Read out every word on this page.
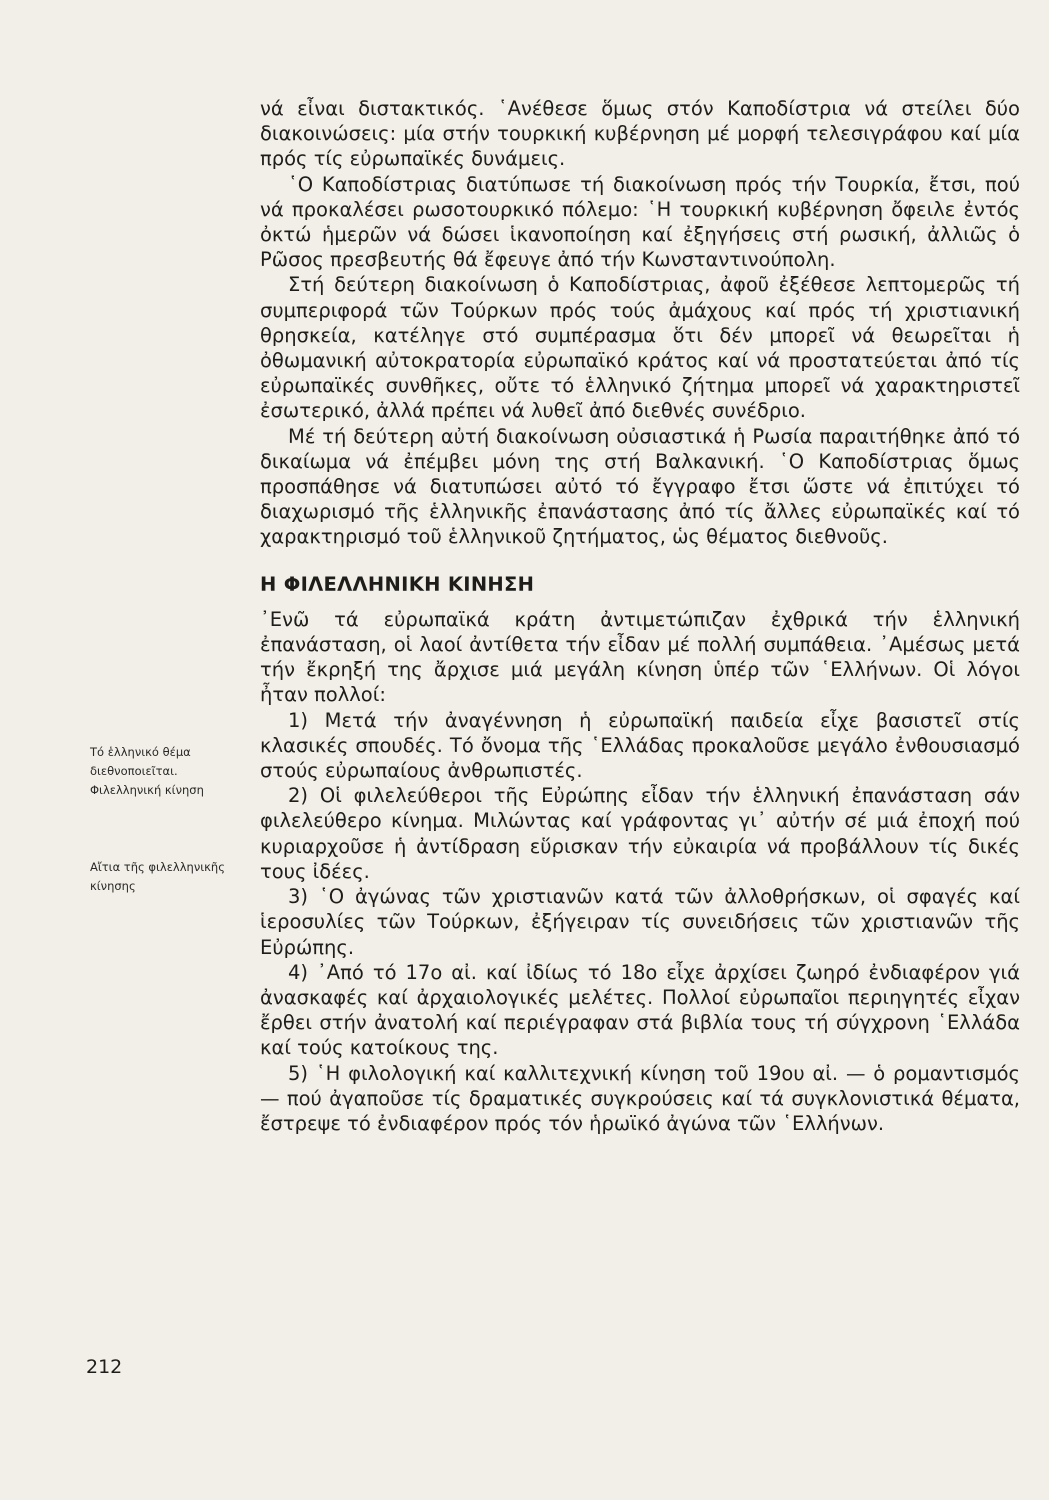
Τό ἑλληνικό θέμα διεθνοποιεῖται. Φιλελληνική κίνηση
Αἴτια τῆς φιλελληνικῆς κίνησης

νά εἶναι διστακτικός. ῾Ανέθεσε ὅμως στόν Καποδίστρια νά στείλει δύο διακοινώσεις: μία στήν τουρκική κυβέρνηση μέ μορφή τελεσιγράφου καί μία πρός τίς εὐρωπαϊκές δυνάμεις.

῾Ο Καποδίστριας διατύπωσε τή διακοίνωση πρός τήν Τουρκία, ἔτσι, πού νά προκαλέσει ρωσοτουρκικό πόλεμο: ῾Η τουρκική κυβέρνηση ὄφειλε ἐντός ὀκτώ ἡμερῶν νά δώσει ἱκανοποίηση καί ἐξηγήσεις στή ρωσική, ἀλλιῶς ὁ Ρῶσος πρεσβευτής θά ἔφευγε ἀπό τήν Κωνσταντινούπολη.

Στή δεύτερη διακοίνωση ὁ Καποδίστριας, ἀφοῦ ἐξέθεσε λεπτομερῶς τή συμπεριφορά τῶν Τούρκων πρός τούς ἀμάχους καί πρός τή χριστιανική θρησκεία, κατέληγε στό συμπέρασμα ὅτι δέν μπορεῖ νά θεωρεῖται ἡ ὀθωμανική αὐτοκρατορία εὐρωπαϊκό κράτος καί νά προστατεύεται ἀπό τίς εὐρωπαϊκές συνθῆκες, οὔτε τό ἑλληνικό ζήτημα μπορεῖ νά χαρακτηριστεῖ ἐσωτερικό, ἀλλά πρέπει νά λυθεῖ ἀπό διεθνές συνέδριο.

Μέ τή δεύτερη αὐτή διακοίνωση οὐσιαστικά ἡ Ρωσία παραιτήθηκε ἀπό τό δικαίωμα νά ἐπέμβει μόνη της στή Βαλκανική. ῾Ο Καποδίστριας ὅμως προσπάθησε νά διατυπώσει αὐτό τό ἔγγραφο ἔτσι ὥστε νά ἐπιτύχει τό διαχωρισμό τῆς ἑλληνικῆς ἐπανάστασης ἀπό τίς ἄλλες εὐρωπαϊκές καί τό χαρακτηρισμό τοῦ ἑλληνικοῦ ζητήματος, ὡς θέματος διεθνοῦς.

Η ΦΙΛΕΛΛΗΝΙΚΗ ΚΙΝΗΣΗ

᾿Ενῶ τά εὐρωπαϊκά κράτη ἀντιμετώπιζαν ἐχθρικά τήν ἑλληνική ἐπανάσταση, οἱ λαοί ἀντίθετα τήν εἶδαν μέ πολλή συμπάθεια. ᾿Αμέσως μετά τήν ἔκρηξή της ἄρχισε μιά μεγάλη κίνηση ὑπέρ τῶν ῾Ελλήνων. Οἱ λόγοι ἦταν πολλοί:

1) Μετά τήν ἀναγέννηση ἡ εὐρωπαϊκή παιδεία εἶχε βασιστεῖ στίς κλασικές σπουδές. Τό ὄνομα τῆς ῾Ελλάδας προκαλοῦσε μεγάλο ἐνθουσιασμό στούς εὐρωπαίους ἀνθρωπιστές.

2) Οἱ φιλελεύθεροι τῆς Εὐρώπης εἶδαν τήν ἑλληνική ἐπανάσταση σάν φιλελεύθερο κίνημα. Μιλώντας καί γράφοντας γι᾿ αὐτήν σέ μιά ἐποχή πού κυριαρχοῦσε ἡ ἀντίδραση εὕρισκαν τήν εὐκαιρία νά προβάλλουν τίς δικές τους ἰδέες.

3) ῾Ο ἀγώνας τῶν χριστιανῶν κατά τῶν ἀλλοθρήσκων, οἱ σφαγές καί ἱεροσυλίες τῶν Τούρκων, ἐξήγειραν τίς συνειδήσεις τῶν χριστιανῶν τῆς Εὐρώπης.

4) ᾿Από τό 17ο αἰ. καί ἰδίως τό 18ο εἶχε ἀρχίσει ζωηρό ἐνδιαφέρον γιά ἀνασκαφές καί ἀρχαιολογικές μελέτες. Πολλοί εὐρωπαῖοι περιηγητές εἶχαν ἔρθει στήν ἀνατολή καί περιέγραφαν στά βιβλία τους τή σύγχρονη ῾Ελλάδα καί τούς κατοίκους της.

5) ῾Η φιλολογική καί καλλιτεχνική κίνηση τοῦ 19ου αἰ. — ὁ ρομαντισμός — πού ἀγαποῦσε τίς δραματικές συγκρούσεις καί τά συγκλονιστικά θέματα, ἔστρεψε τό ἐνδιαφέρον πρός τόν ἡρωϊκό ἀγώνα τῶν ῾Ελλήνων.

212
